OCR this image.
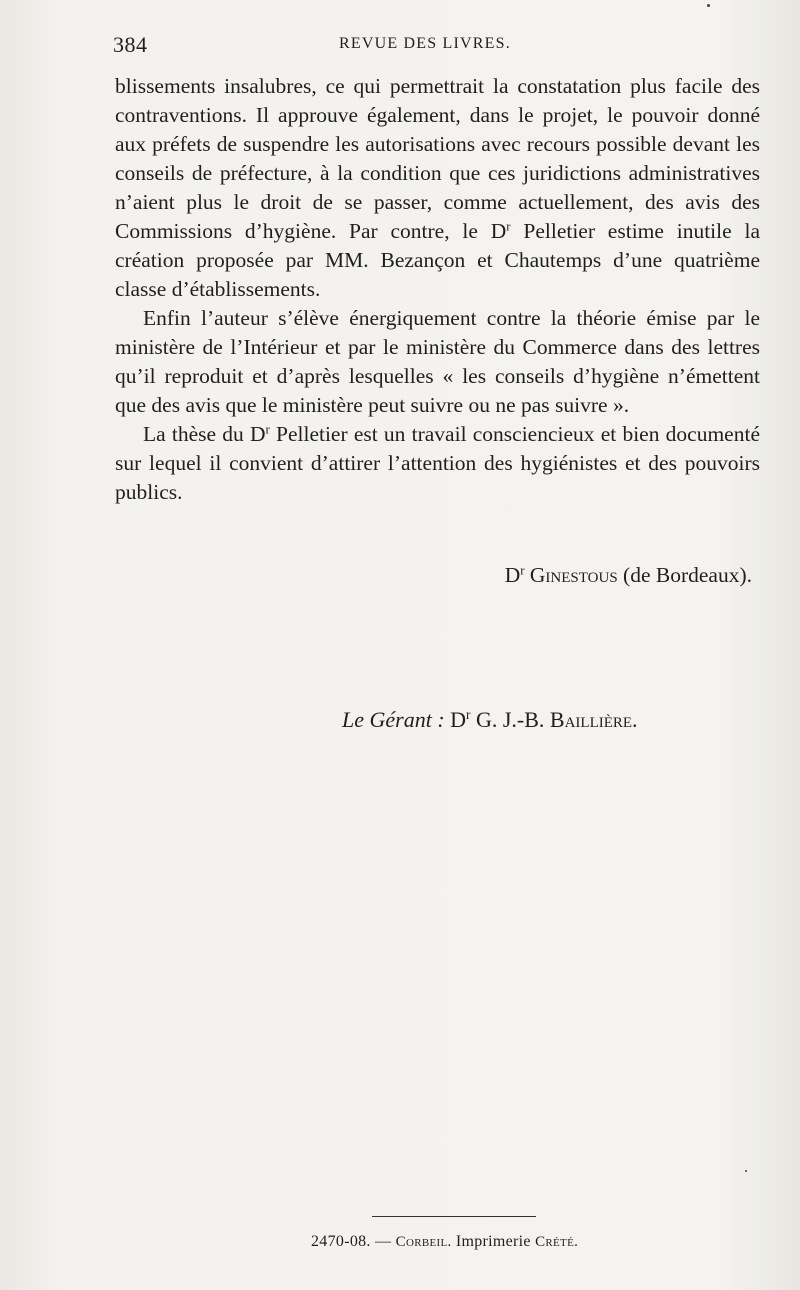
384	REVUE DES LIVRES.

blissements insalubres, ce qui permettrait la constatation plus facile des contraventions. Il approuve également, dans le projet, le pouvoir donné aux préfets de suspendre les autorisations avec recours possible devant les conseils de préfecture, à la condition que ces juridictions administratives n’aient plus le droit de se passer, comme actuellement, des avis des Commissions d’hygiène. Par contre, le $D^r$ Pelletier estime inutile la création proposée par MM. Bezançon et Chautemps d’une quatrième classe d’établissements.

Enfin l’auteur s’élève énergiquement contre la théorie émise par le ministère de l’Intérieur et par le ministère du Commerce dans des lettres qu’il reproduit et d’après lesquelles « les conseils d’hygiène n’émettent que des avis que le ministère peut suivre ou ne pas suivre ».

La thèse du $D^r$ Pelletier est un travail consciencieux et bien documenté sur lequel il convient d’attirer l’attention des hygiénistes et des pouvoirs publics.

$D^r$ Ginestous (de Bordeaux).
Le Gérant : $D^r$ G. J.-B. Baillière.
2470-08. — Corbeil. Imprimerie Crété.
